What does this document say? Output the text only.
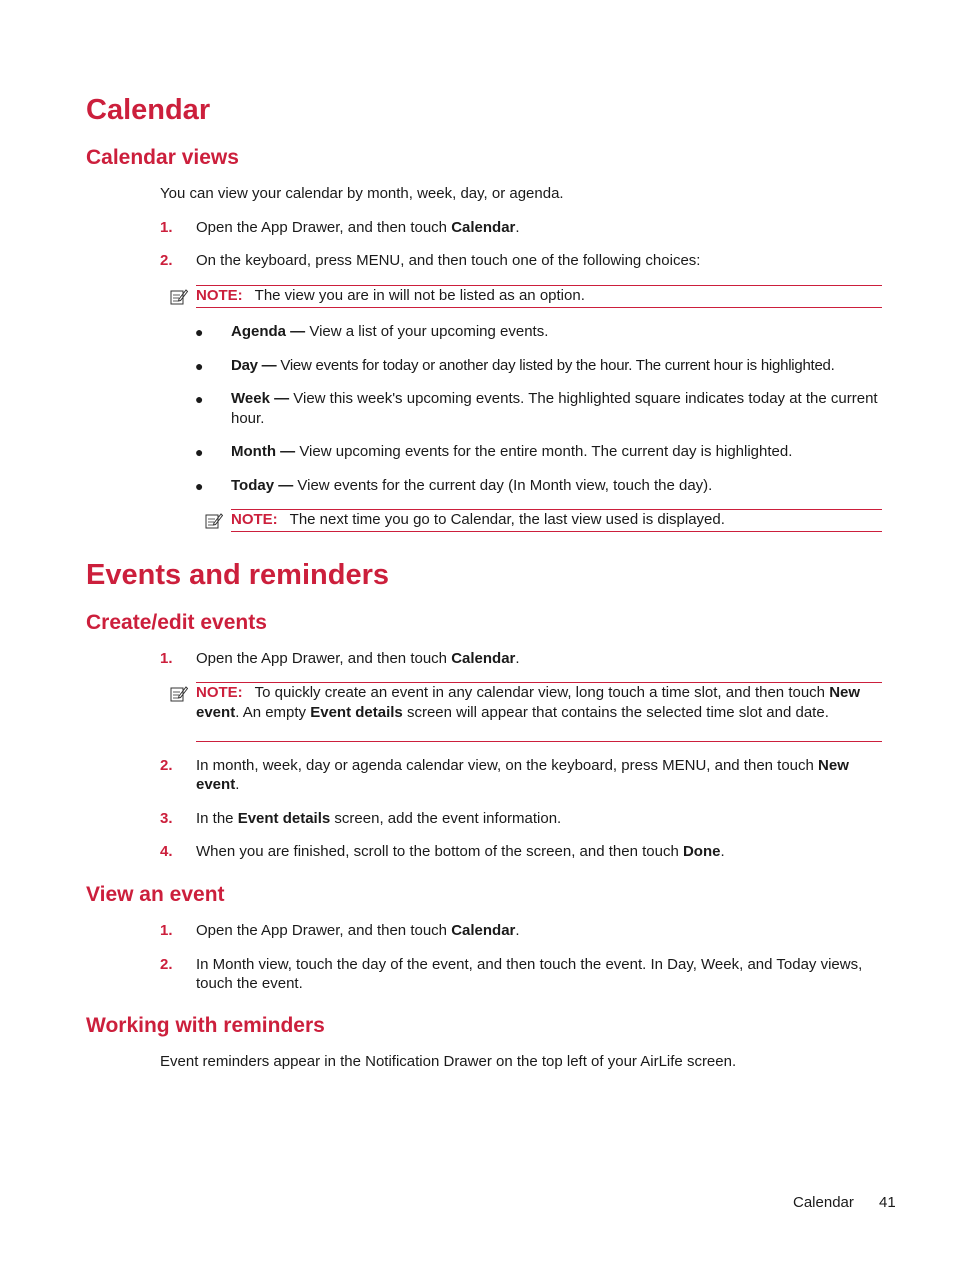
Calendar
Calendar views

You can view your calendar by month, week, day, or agenda.

1. Open the App Drawer, and then touch Calendar.
2. On the keyboard, press MENU, and then touch one of the following choices:
NOTE: The view you are in will not be listed as an option.
● Agenda — View a list of your upcoming events.
● Day — View events for today or another day listed by the hour. The current hour is highlighted.
● Week — View this week's upcoming events. The highlighted square indicates today at the current hour.
● Month — View upcoming events for the entire month. The current day is highlighted.
● Today — View events for the current day (In Month view, touch the day).
NOTE: The next time you go to Calendar, the last view used is displayed.
Events and reminders
Create/edit events
1. Open the App Drawer, and then touch Calendar.
NOTE: To quickly create an event in any calendar view, long touch a time slot, and then touch New event. An empty Event details screen will appear that contains the selected time slot and date.
2. In month, week, day or agenda calendar view, on the keyboard, press MENU, and then touch New event.
3. In the Event details screen, add the event information.
4. When you are finished, scroll to the bottom of the screen, and then touch Done.
View an event
1. Open the App Drawer, and then touch Calendar.
2. In Month view, touch the day of the event, and then touch the event. In Day, Week, and Today views, touch the event.
Working with reminders

Event reminders appear in the Notification Drawer on the top left of your AirLife screen.

Calendar 41
